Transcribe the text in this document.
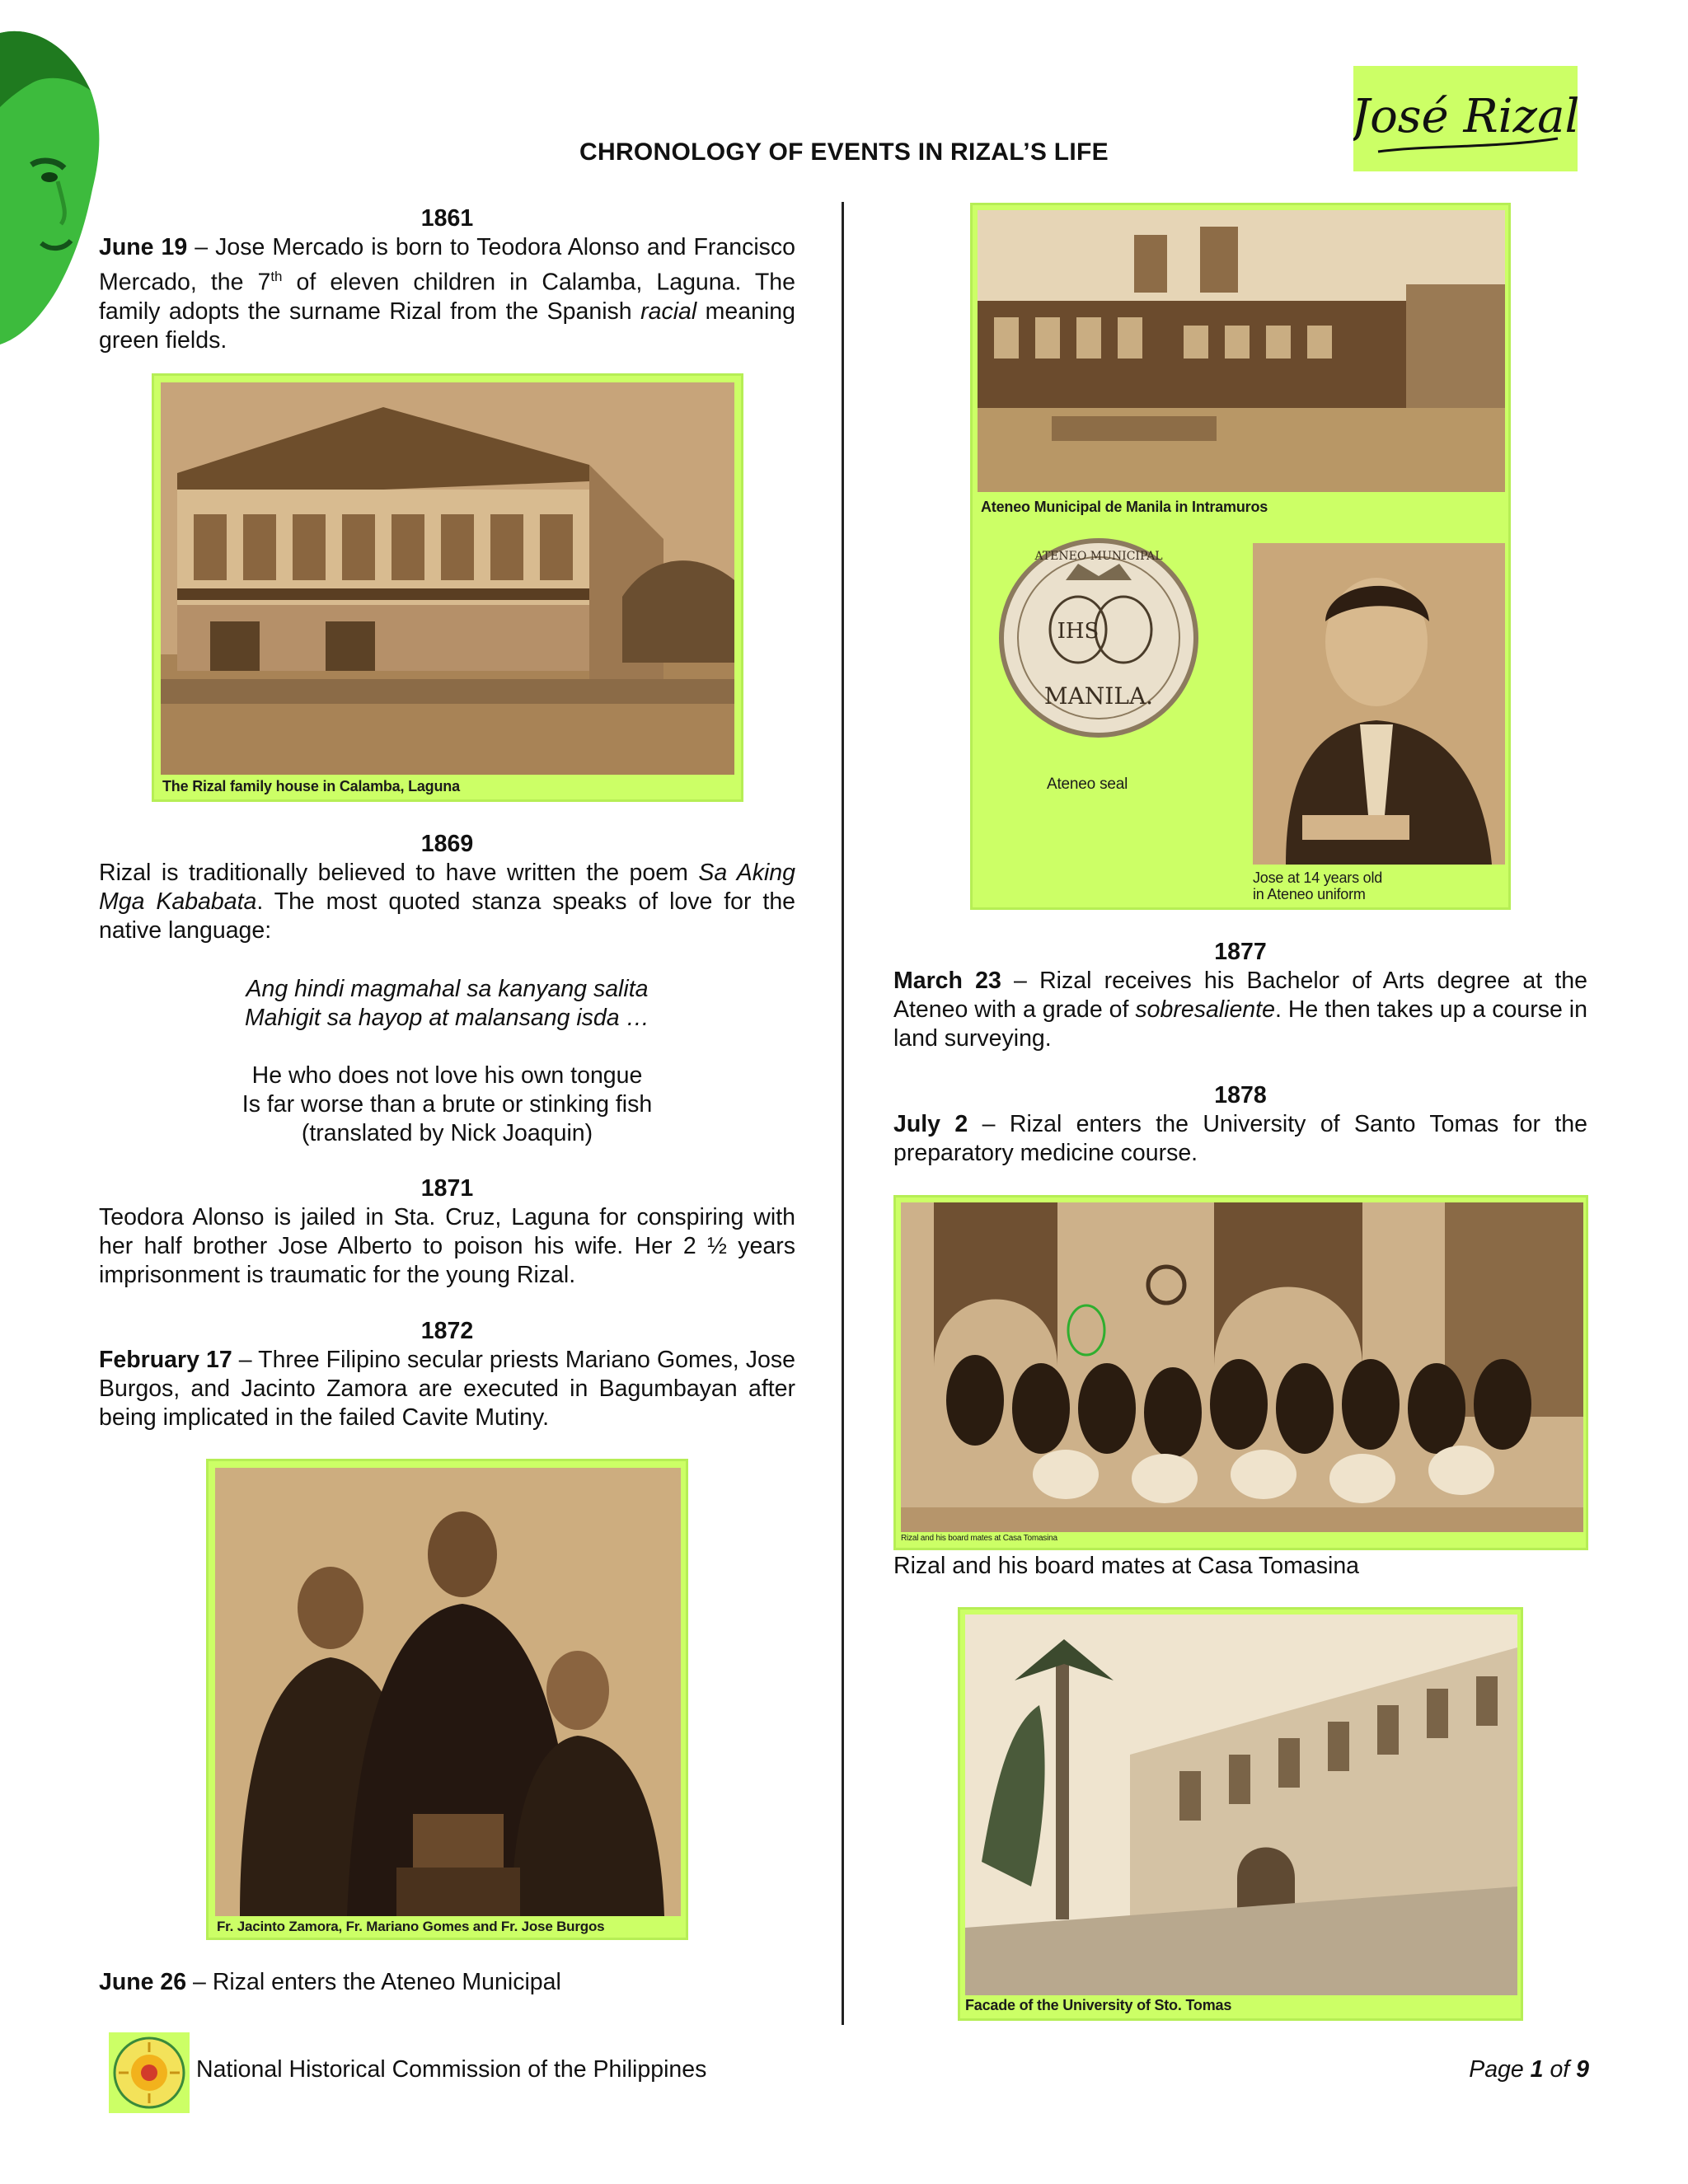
José Rizal
CHRONOLOGY OF EVENTS IN RIZAL’S LIFE

1861

June 19 – Jose Mercado is born to Teodora Alonso and Francisco Mercado, the 7th of eleven children in Calamba, Laguna. The family adopts the surname Rizal from the Spanish racial meaning green fields.

The Rizal family house in Calamba, Laguna

1869

Rizal is traditionally believed to have written the poem Sa Aking Mga Kababata. The most quoted stanza speaks of love for the native language:

Ang hindi magmahal sa kanyang salita

Mahigit sa hayop at malansang isda …

He who does not love his own tongue

Is far worse than a brute or stinking fish

(translated by Nick Joaquin)

1871

Teodora Alonso is jailed in Sta. Cruz, Laguna for conspiring with her half brother Jose Alberto to poison his wife. Her 2 ½ years imprisonment is traumatic for the young Rizal.

1872

February 17 – Three Filipino secular priests Mariano Gomes, Jose Burgos, and Jacinto Zamora are executed in Bagumbayan after being implicated in the failed Cavite Mutiny.

Fr. Jacinto Zamora, Fr. Mariano Gomes and Fr. Jose Burgos

June 26 – Rizal enters the Ateneo Municipal

Ateneo Municipal de Manila in Intramuros
IHS
MANILA.
ATENEO MUNICIPAL
Ateneo seal
Jose at 14 years old
in Ateneo uniform

1877

March 23 – Rizal receives his Bachelor of Arts degree at the Ateneo with a grade of sobresaliente. He then takes up a course in land surveying.

1878

July 2 – Rizal enters the University of Santo Tomas for the preparatory medicine course.

Rizal and his board mates at Casa Tomasina
Rizal and his board mates at Casa Tomasina
Facade of the University of Sto. Tomas
National Historical Commission of the Philippines	Page 1 of 9
